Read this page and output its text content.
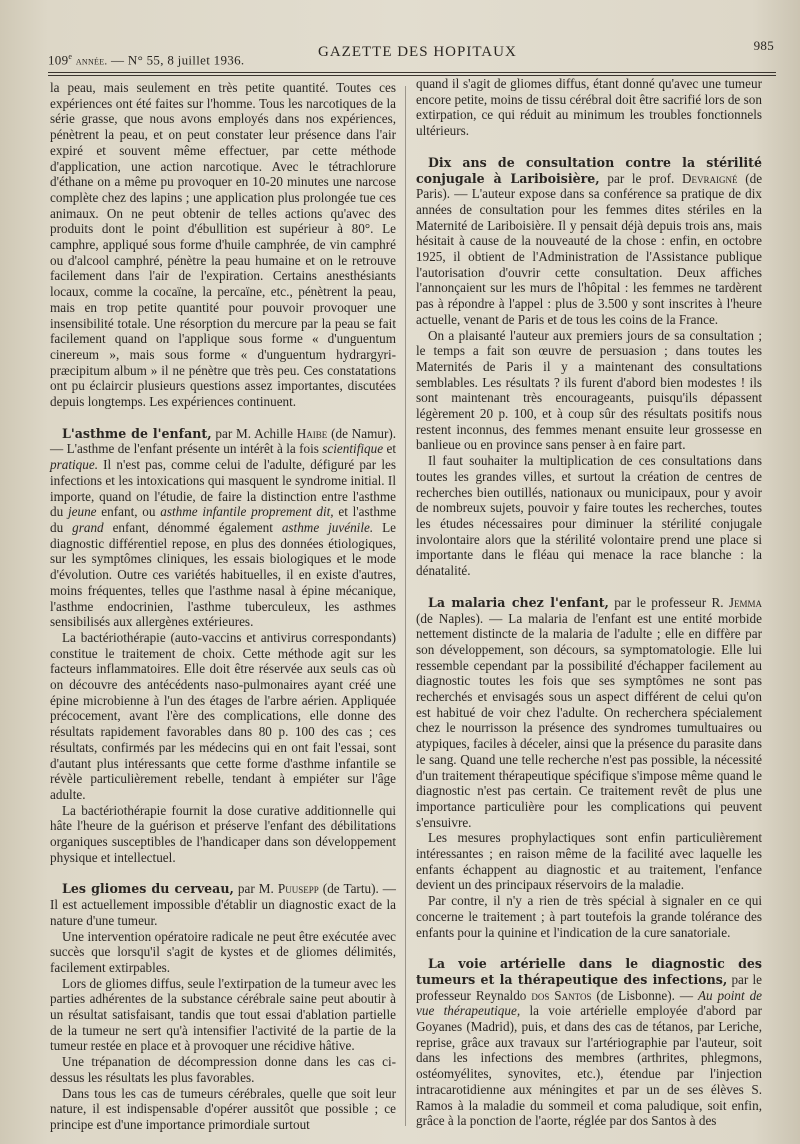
109e année. — N° 55, 8 juillet 1936.	GAZETTE DES HOPITAUX	985

la peau, mais seulement en très petite quantité. Toutes ces expériences ont été faites sur l'homme. Tous les narcotiques de la série grasse, que nous avons employés dans nos expériences, pénètrent la peau, et on peut constater leur présence dans l'air expiré et souvent même effectuer, par cette méthode d'application, une action narcotique. Avec le tétrachlorure d'éthane on a même pu provoquer en 10-20 minutes une narcose complète chez des lapins ; une application plus prolongée tue ces animaux. On ne peut obtenir de telles actions qu'avec des produits dont le point d'ébullition est supérieur à 80°. Le camphre, appliqué sous forme d'huile camphrée, de vin camphré ou d'alcool camphré, pénètre la peau humaine et on le retrouve facilement dans l'air de l'expiration. Certains anesthésiants locaux, comme la cocaïne, la percaïne, etc., pénètrent la peau, mais en trop petite quantité pour pouvoir provoquer une insensibilité totale. Une résorption du mercure par la peau se fait facilement quand on l'applique sous forme « d'unguentum cinereum », mais sous forme « d'unguentum hydrargyri-præcipitum album » il ne pénètre que très peu. Ces constatations ont pu éclaircir plusieurs questions assez importantes, discutées depuis longtemps. Les expériences continuent.

L'asthme de l'enfant, par M. Achille Haibe (de Namur). — L'asthme de l'enfant présente un intérêt à la fois scientifique et pratique. Il n'est pas, comme celui de l'adulte, défiguré par les infections et les intoxications qui masquent le syndrome initial. Il importe, quand on l'étudie, de faire la distinction entre l'asthme du jeune enfant, ou asthme infantile proprement dit, et l'asthme du grand enfant, dénommé également asthme juvénile. Le diagnostic différentiel repose, en plus des données étiologiques, sur les symptômes cliniques, les essais biologiques et le mode d'évolution. Outre ces variétés habituelles, il en existe d'autres, moins fréquentes, telles que l'asthme nasal à épine mécanique, l'asthme endocrinien, l'asthme tuberculeux, les asthmes sensibilisés aux allergènes extérieures.

La bactériothérapie (auto-vaccins et antivirus correspondants) constitue le traitement de choix. Cette méthode agit sur les facteurs inflammatoires. Elle doit être réservée aux seuls cas où on découvre des antécédents naso-pulmonaires ayant créé une épine microbienne à l'un des étages de l'arbre aérien. Appliquée précocement, avant l'ère des complications, elle donne des résultats rapidement favorables dans 80 p. 100 des cas ; ces résultats, confirmés par les médecins qui en ont fait l'essai, sont d'autant plus intéressants que cette forme d'asthme infantile se révèle particulièrement rebelle, tendant à empiéter sur l'âge adulte.

La bactériothérapie fournit la dose curative additionnelle qui hâte l'heure de la guérison et préserve l'enfant des débilitations organiques susceptibles de l'handicaper dans son développement physique et intellectuel.

Les gliomes du cerveau, par M. Puusepp (de Tartu). — Il est actuellement impossible d'établir un diagnostic exact de la nature d'une tumeur.

Une intervention opératoire radicale ne peut être exécutée avec succès que lorsqu'il s'agit de kystes et de gliomes délimités, facilement extirpables.

Lors de gliomes diffus, seule l'extirpation de la tumeur avec les parties adhérentes de la substance cérébrale saine peut aboutir à un résultat satisfaisant, tandis que tout essai d'ablation partielle de la tumeur ne sert qu'à intensifier l'activité de la partie de la tumeur restée en place et à provoquer une récidive hâtive.

Une trépanation de décompression donne dans les cas ci-dessus les résultats les plus favorables.

Dans tous les cas de tumeurs cérébrales, quelle que soit leur nature, il est indispensable d'opérer aussitôt que possible ; ce principe est d'une importance primordiale surtout

quand il s'agit de gliomes diffus, étant donné qu'avec une tumeur encore petite, moins de tissu cérébral doit être sacrifié lors de son extirpation, ce qui réduit au minimum les troubles fonctionnels ultérieurs.

Dix ans de consultation contre la stérilité conjugale à Lariboisière, par le prof. Devraigné (de Paris). — L'auteur expose dans sa conférence sa pratique de dix années de consultation pour les femmes dites stériles en la Maternité de Lariboisière. Il y pensait déjà depuis trois ans, mais hésitait à cause de la nouveauté de la chose : enfin, en octobre 1925, il obtient de l'Administration de l'Assistance publique l'autorisation d'ouvrir cette consultation. Deux affiches l'annonçaient sur les murs de l'hôpital : les femmes ne tardèrent pas à répondre à l'appel : plus de 3.500 y sont inscrites à l'heure actuelle, venant de Paris et de tous les coins de la France.

On a plaisanté l'auteur aux premiers jours de sa consultation ; le temps a fait son œuvre de persuasion ; dans toutes les Maternités de Paris il y a maintenant des consultations semblables. Les résultats ? ils furent d'abord bien modestes ! ils sont maintenant très encourageants, puisqu'ils dépassent légèrement 20 p. 100, et à coup sûr des résultats positifs nous restent inconnus, des femmes menant ensuite leur grossesse en banlieue ou en province sans penser à en faire part.

Il faut souhaiter la multiplication de ces consultations dans toutes les grandes villes, et surtout la création de centres de recherches bien outillés, nationaux ou municipaux, pour y avoir de nombreux sujets, pouvoir y faire toutes les recherches, toutes les études nécessaires pour diminuer la stérilité conjugale involontaire alors que la stérilité volontaire prend une place si importante dans le fléau qui menace la race blanche : la dénatalité.

La malaria chez l'enfant, par le professeur R. Jemma (de Naples). — La malaria de l'enfant est une entité morbide nettement distincte de la malaria de l'adulte ; elle en diffère par son développement, son décours, sa symptomatologie. Elle lui ressemble cependant par la possibilité d'échapper facilement au diagnostic toutes les fois que ses symptômes ne sont pas recherchés et envisagés sous un aspect différent de celui qu'on est habitué de voir chez l'adulte. On recherchera spécialement chez le nourrisson la présence des syndromes tumultuaires ou atypiques, faciles à déceler, ainsi que la présence du parasite dans le sang. Quand une telle recherche n'est pas possible, la nécessité d'un traitement thérapeutique spécifique s'impose même quand le diagnostic n'est pas certain. Ce traitement revêt de plus une importance particulière pour les complications qui peuvent s'ensuivre.

Les mesures prophylactiques sont enfin particulièrement intéressantes ; en raison même de la facilité avec laquelle les enfants échappent au diagnostic et au traitement, l'enfance devient un des principaux réservoirs de la maladie.

Par contre, il n'y a rien de très spécial à signaler en ce qui concerne le traitement ; à part toutefois la grande tolérance des enfants pour la quinine et l'indication de la cure sanatoriale.

La voie artérielle dans le diagnostic des tumeurs et la thérapeutique des infections, par le professeur Reynaldo dos Santos (de Lisbonne). — Au point de vue thérapeutique, la voie artérielle employée d'abord par Goyanes (Madrid), puis, et dans des cas de tétanos, par Leriche, reprise, grâce aux travaux sur l'artériographie par l'auteur, soit dans les infections des membres (arthrites, phlegmons, ostéomyélites, synovites, etc.), étendue par l'injection intracarotidienne aux méningites et par un de ses élèves S. Ramos à la maladie du sommeil et coma paludique, soit enfin, grâce à la ponction de l'aorte, réglée par dos Santos à des
